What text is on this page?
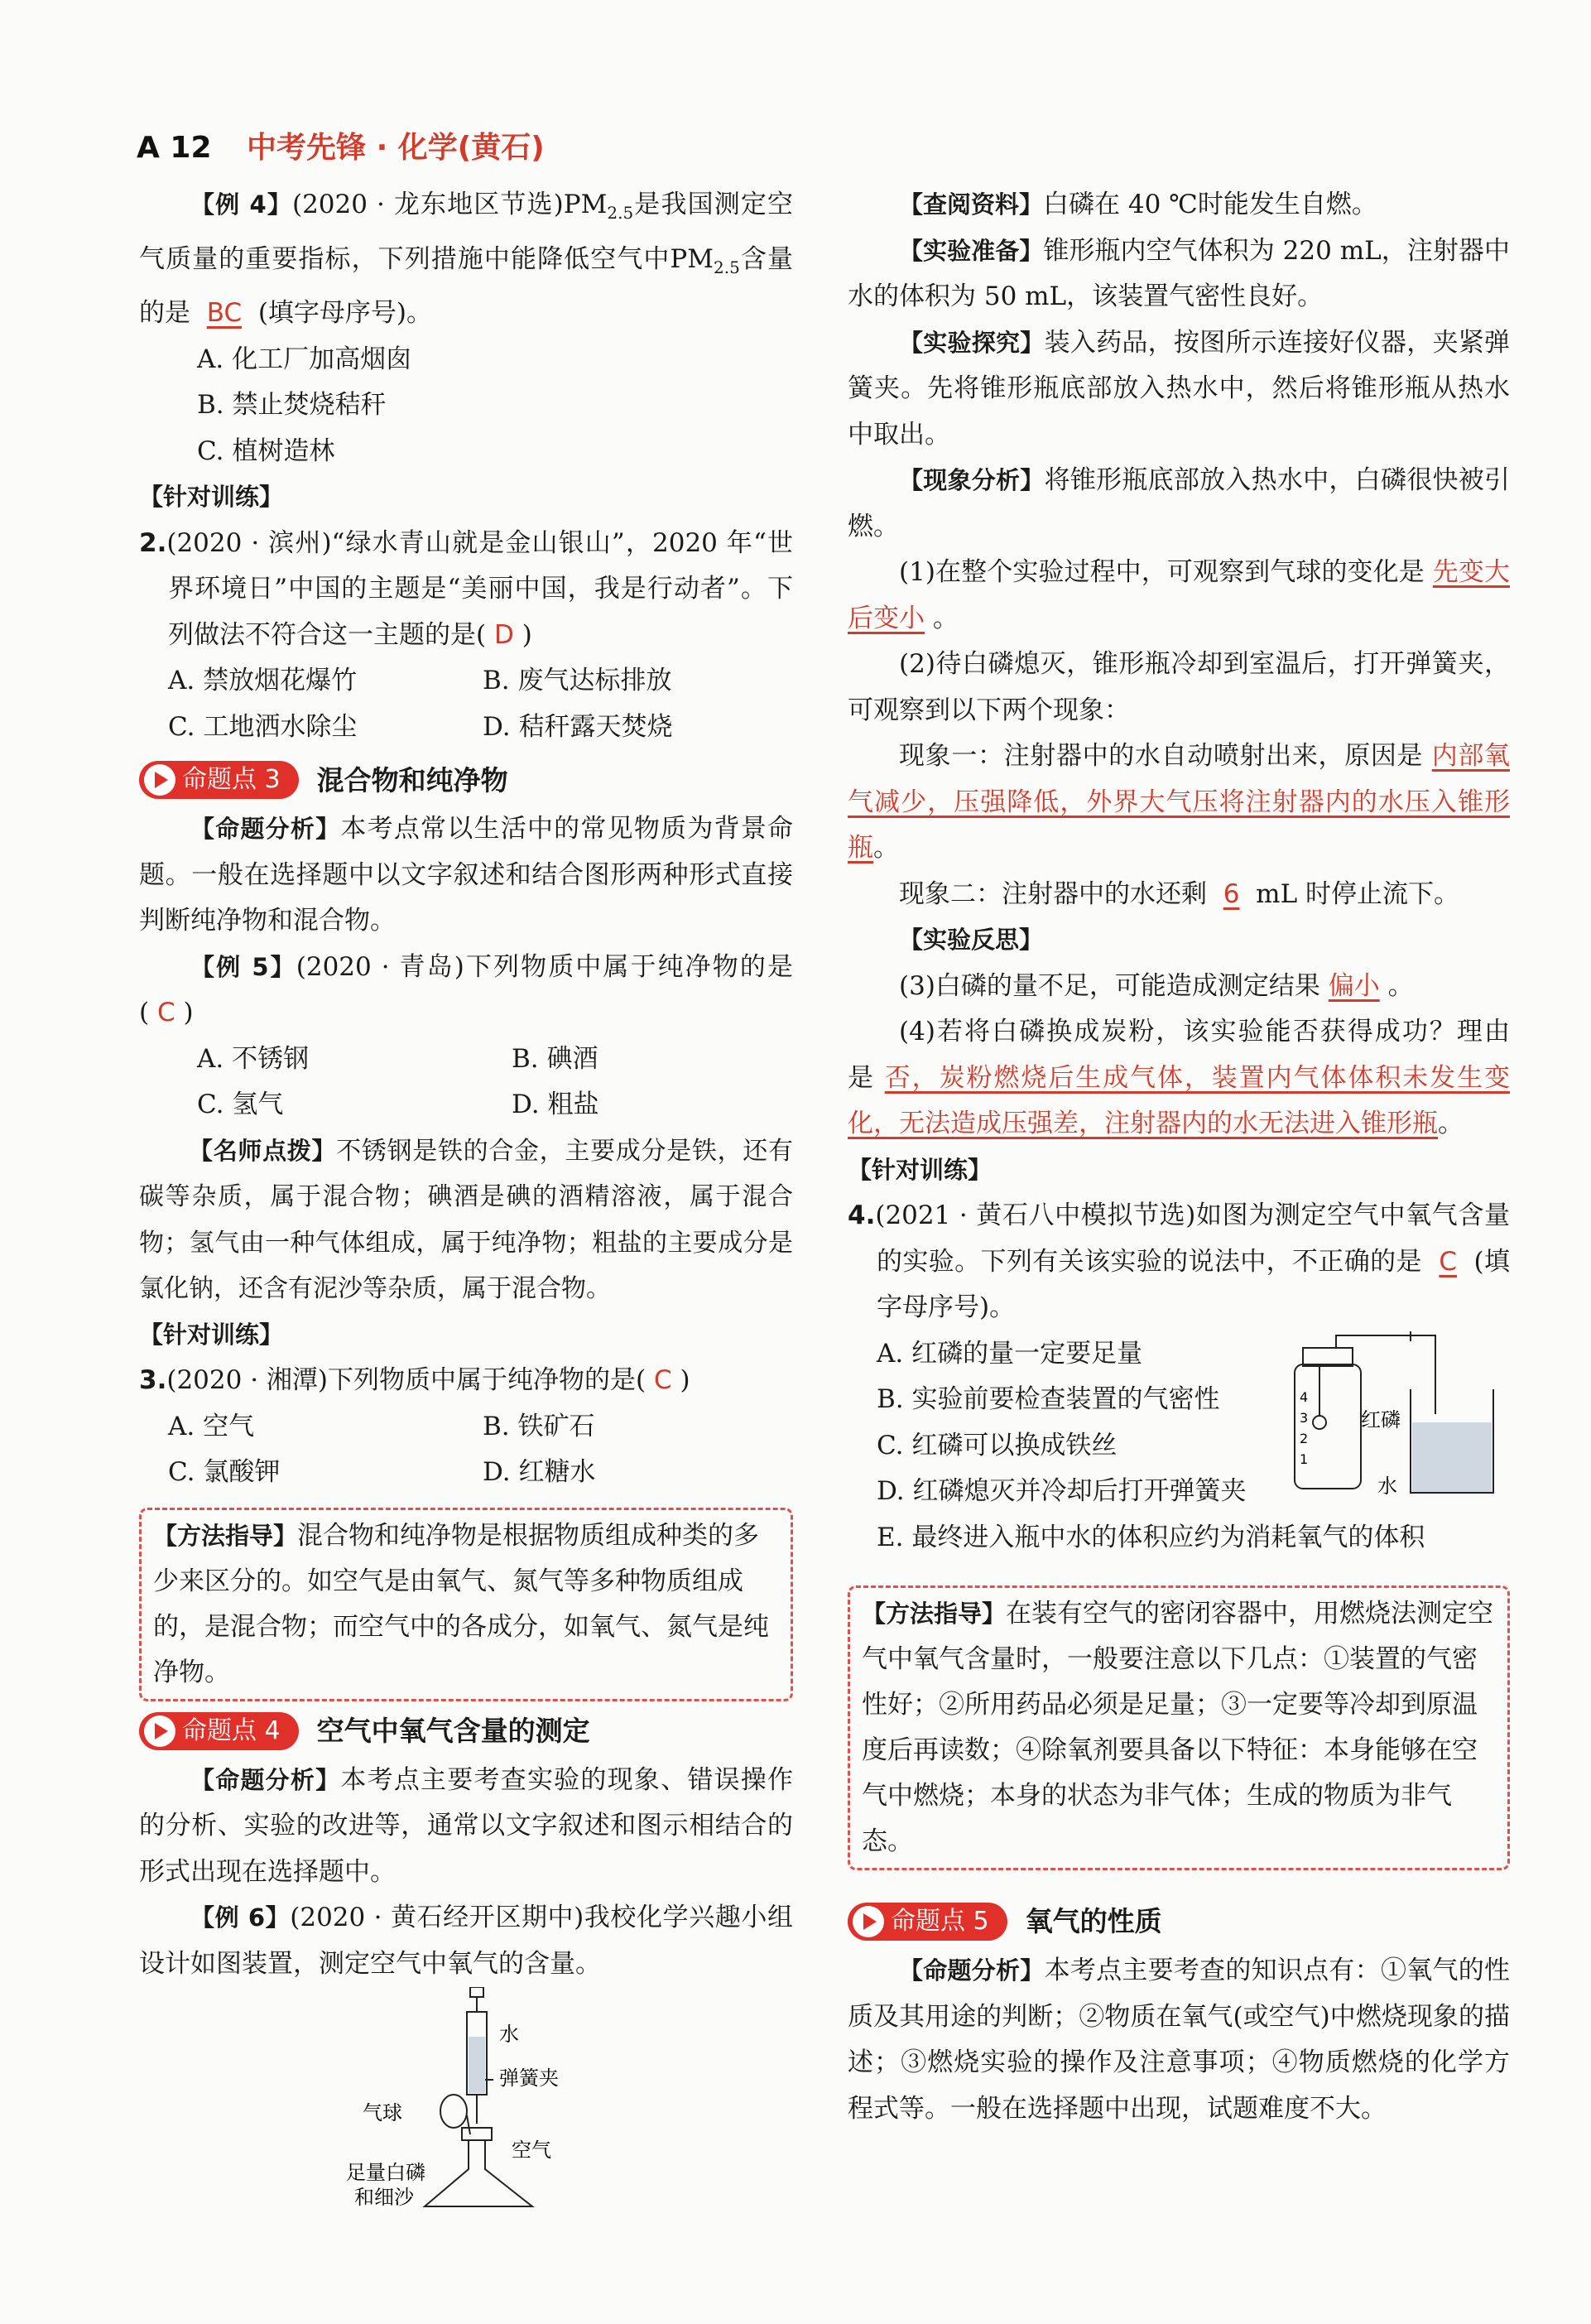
A 12 中考先锋 · 化学(黄石)

【例 4】(2020 · 龙东地区节选)$PM_{2.5}$是我国测定空气质量的重要指标，下列措施中能降低空气中$PM_{2.5}$含量的是 BC (填字母序号)。

A. 化工厂加高烟囱
B. 禁止焚烧秸秆
C. 植树造林
【针对训练】

2.(2020 · 滨州)“绿水青山就是金山银山”，2020 年“世界环境日”中国的主题是“美丽中国，我是行动者”。下列做法不符合这一主题的是( D )

A. 禁放烟花爆竹	B. 废气达标排放
C. 工地洒水除尘	D. 秸秆露天焚烧
命题点 3	混合物和纯净物

【命题分析】本考点常以生活中的常见物质为背景命题。一般在选择题中以文字叙述和结合图形两种形式直接判断纯净物和混合物。

【例 5】(2020 · 青岛)下列物质中属于纯净物的是( C )

A. 不锈钢	B. 碘酒
C. 氢气	D. 粗盐

【名师点拨】不锈钢是铁的合金，主要成分是铁，还有碳等杂质，属于混合物；碘酒是碘的酒精溶液，属于混合物；氢气由一种气体组成，属于纯净物；粗盐的主要成分是氯化钠，还含有泥沙等杂质，属于混合物。

【针对训练】

3.(2020 · 湘潭)下列物质中属于纯净物的是( C )

A. 空气	B. 铁矿石
C. 氯酸钾	D. 红糖水
【方法指导】混合物和纯净物是根据物质组成种类的多少来区分的。如空气是由氧气、氮气等多种物质组成的，是混合物；而空气中的各成分，如氧气、氮气是纯净物。
命题点 4	空气中氧气含量的测定

【命题分析】本考点主要考查实验的现象、错误操作的分析、实验的改进等，通常以文字叙述和图示相结合的形式出现在选择题中。

【例 6】(2020 · 黄石经开区期中)我校化学兴趣小组设计如图装置，测定空气中氧气的含量。

水
弹簧夹
气球
空气
足量白磷
和细沙

【查阅资料】白磷在 40 ℃时能发生自燃。

【实验准备】锥形瓶内空气体积为 220 mL，注射器中水的体积为 50 mL，该装置气密性良好。

【实验探究】装入药品，按图所示连接好仪器，夹紧弹簧夹。先将锥形瓶底部放入热水中，然后将锥形瓶从热水中取出。

【现象分析】将锥形瓶底部放入热水中，白磷很快被引燃。

(1)在整个实验过程中，可观察到气球的变化是 先变大后变小 。

(2)待白磷熄灭，锥形瓶冷却到室温后，打开弹簧夹，可观察到以下两个现象：

现象一：注射器中的水自动喷射出来，原因是 内部氧气减少，压强降低，外界大气压将注射器内的水压入锥形瓶。

现象二：注射器中的水还剩 6 mL 时停止流下。

【实验反思】

(3)白磷的量不足，可能造成测定结果 偏小 。

(4)若将白磷换成炭粉，该实验能否获得成功？理由是 否，炭粉燃烧后生成气体，装置内气体体积未发生变化，无法造成压强差，注射器内的水无法进入锥形瓶。

【针对训练】

4.(2021 · 黄石八中模拟节选)如图为测定空气中氧气含量的实验。下列有关该实验的说法中，不正确的是 C (填字母序号)。

A. 红磷的量一定要足量
B. 实验前要检查装置的气密性
C. 红磷可以换成铁丝
D. 红磷熄灭并冷却后打开弹簧夹
E. 最终进入瓶中水的体积应约为消耗氧气的体积
4
3
2
1
红磷
水
【方法指导】在装有空气的密闭容器中，用燃烧法测定空气中氧气含量时，一般要注意以下几点：①装置的气密性好；②所用药品必须是足量；③一定要等冷却到原温度后再读数；④除氧剂要具备以下特征：本身能够在空气中燃烧；本身的状态为非气体；生成的物质为非气态。
命题点 5	氧气的性质

【命题分析】本考点主要考查的知识点有：①氧气的性质及其用途的判断；②物质在氧气(或空气)中燃烧现象的描述；③燃烧实验的操作及注意事项；④物质燃烧的化学方程式等。一般在选择题中出现，试题难度不大。
